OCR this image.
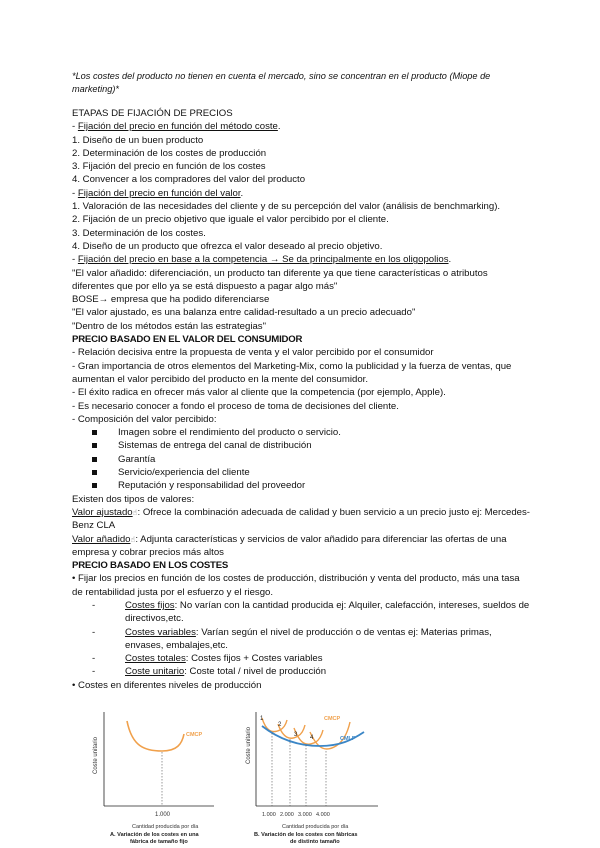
*Los costes del producto no tienen en cuenta el mercado, sino se concentran en el producto (Miope de marketing)*
ETAPAS DE FIJACIÓN DE PRECIOS
- Fijación del precio en función del método coste.
1. Diseño de un buen producto
2. Determinación de los costes de producción
3. Fijación del precio en función de los costes
4. Convencer a los compradores del valor del producto
- Fijación del precio en función del valor.
1. Valoración de las necesidades del cliente y de su percepción del valor (análisis de benchmarking).
2. Fijación de un precio objetivo que iguale el valor percibido por el cliente.
3. Determinación de los costes.
4. Diseño de un producto que ofrezca el valor deseado al precio objetivo.
- Fijación del precio en base a la competencia → Se da principalmente en los oligopolios.
"El valor añadido: diferenciación, un producto tan diferente ya que tiene características o atributos diferentes que por ello ya se está dispuesto a pagar algo más"
BOSE→ empresa que ha podido diferenciarse
"El valor ajustado, es una balanza entre calidad-resultado a un precio adecuado"
"Dentro de los métodos están las estrategias"
PRECIO BASADO EN EL VALOR DEL CONSUMIDOR
- Relación decisiva entre la propuesta de venta y el valor percibido por el consumidor
- Gran importancia de otros elementos del Marketing-Mix, como la publicidad y la fuerza de ventas, que aumentan el valor percibido del producto en la mente del consumidor.
- El éxito radica en ofrecer más valor al cliente que la competencia (por ejemplo, Apple).
- Es necesario conocer a fondo el proceso de toma de decisiones del cliente.
- Composición del valor percibido:
Imagen sobre el rendimiento del producto o servicio.
Sistemas de entrega del canal de distribución
Garantía
Servicio/experiencia del cliente
Reputación y responsabilidad del proveedor
Existen dos tipos de valores:
Valor ajustado☝: Ofrece la combinación adecuada de calidad y buen servicio a un precio justo ej: Mercedes-Benz CLA
Valor añadido☝: Adjunta características y servicios de valor añadido para diferenciar las ofertas de una empresa y cobrar precios más altos
PRECIO BASADO EN LOS COSTES
• Fijar los precios en función de los costes de producción, distribución y venta del producto, más una tasa de rentabilidad justa por el esfuerzo y el riesgo.
-	Costes fijos: No varían con la cantidad producida ej: Alquiler, calefacción, intereses, sueldos de directivos,etc.
-	Costes variables: Varían según el nivel de producción o de ventas ej: Materias primas, envases, embalajes,etc.
-	Costes totales: Costes fijos + Costes variables
-	Coste unitario: Coste total / nivel de producción
• Costes en diferentes niveles de producción
Coste unitario
CMCP
1.000
Cantidad producida por día
A. Variación de los costes en una
fábrica de tamaño fijo
Coste unitario
1
2
3 4
CMCP
CMLP
1.000 2.000 3.000 4.000
Cantidad producida por día
B. Variación de los costes con fábricas
de distinto tamaño
